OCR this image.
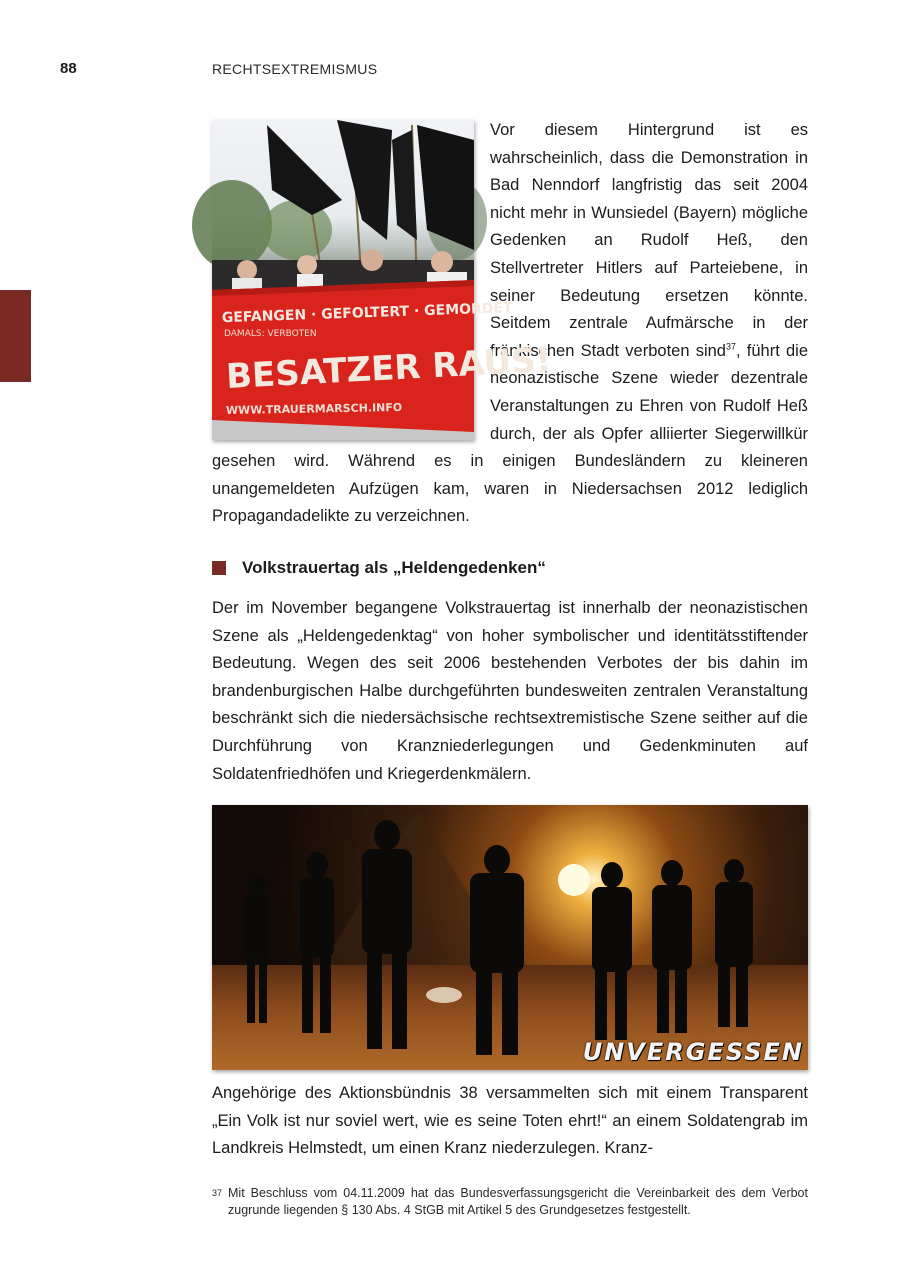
88	RECHTSEXTREMISMUS
GEFANGEN · GEFOLTERT · GEMORDET
DAMALS: VERBOTEN
BESATZER RAUS!
WWW.TRAUERMARSCH.INFO
Vor diesem Hintergrund ist es wahrscheinlich, dass die Demonstration in Bad Nenndorf langfristig das seit 2004 nicht mehr in Wunsiedel (Bayern) mögliche Gedenken an Rudolf Heß, den Stellvertreter Hitlers auf Parteiebene, in seiner Bedeutung ersetzen könnte. Seitdem zentrale Aufmärsche in der fränkischen Stadt verboten sind$^{37}$, führt die neonazistische Szene wieder dezentrale Veranstaltungen zu Ehren von Rudolf Heß durch, der als Opfer alliierter Siegerwillkür gesehen wird. Während es in einigen Bundesländern zu kleineren unangemeldeten Aufzügen kam, waren in Niedersachsen 2012 lediglich Propagandadelikte zu verzeichnen.
Volkstrauertag als „Heldengedenken“
Der im November begangene Volkstrauertag ist innerhalb der neonazistischen Szene als „Heldengedenktag“ von hoher symbolischer und identitätsstiftender Bedeutung. Wegen des seit 2006 bestehenden Verbotes der bis dahin im brandenburgischen Halbe durchgeführten bundesweiten zentralen Veranstaltung beschränkt sich die niedersächsische rechtsextremistische Szene seither auf die Durchführung von Kranzniederlegungen und Gedenkminuten auf Soldatenfriedhöfen und Kriegerdenkmälern.
UNVERGESSEN
Angehörige des Aktionsbündnis 38 versammelten sich mit einem Transparent „Ein Volk ist nur soviel wert, wie es seine Toten ehrt!“ an einem Soldatengrab im Landkreis Helmstedt, um einen Kranz niederzulegen. Kranz-
37 Mit Beschluss vom 04.11.2009 hat das Bundesverfassungsgericht die Vereinbarkeit des dem Verbot zugrunde liegenden § 130 Abs. 4 StGB mit Artikel 5 des Grundgesetzes festgestellt.
